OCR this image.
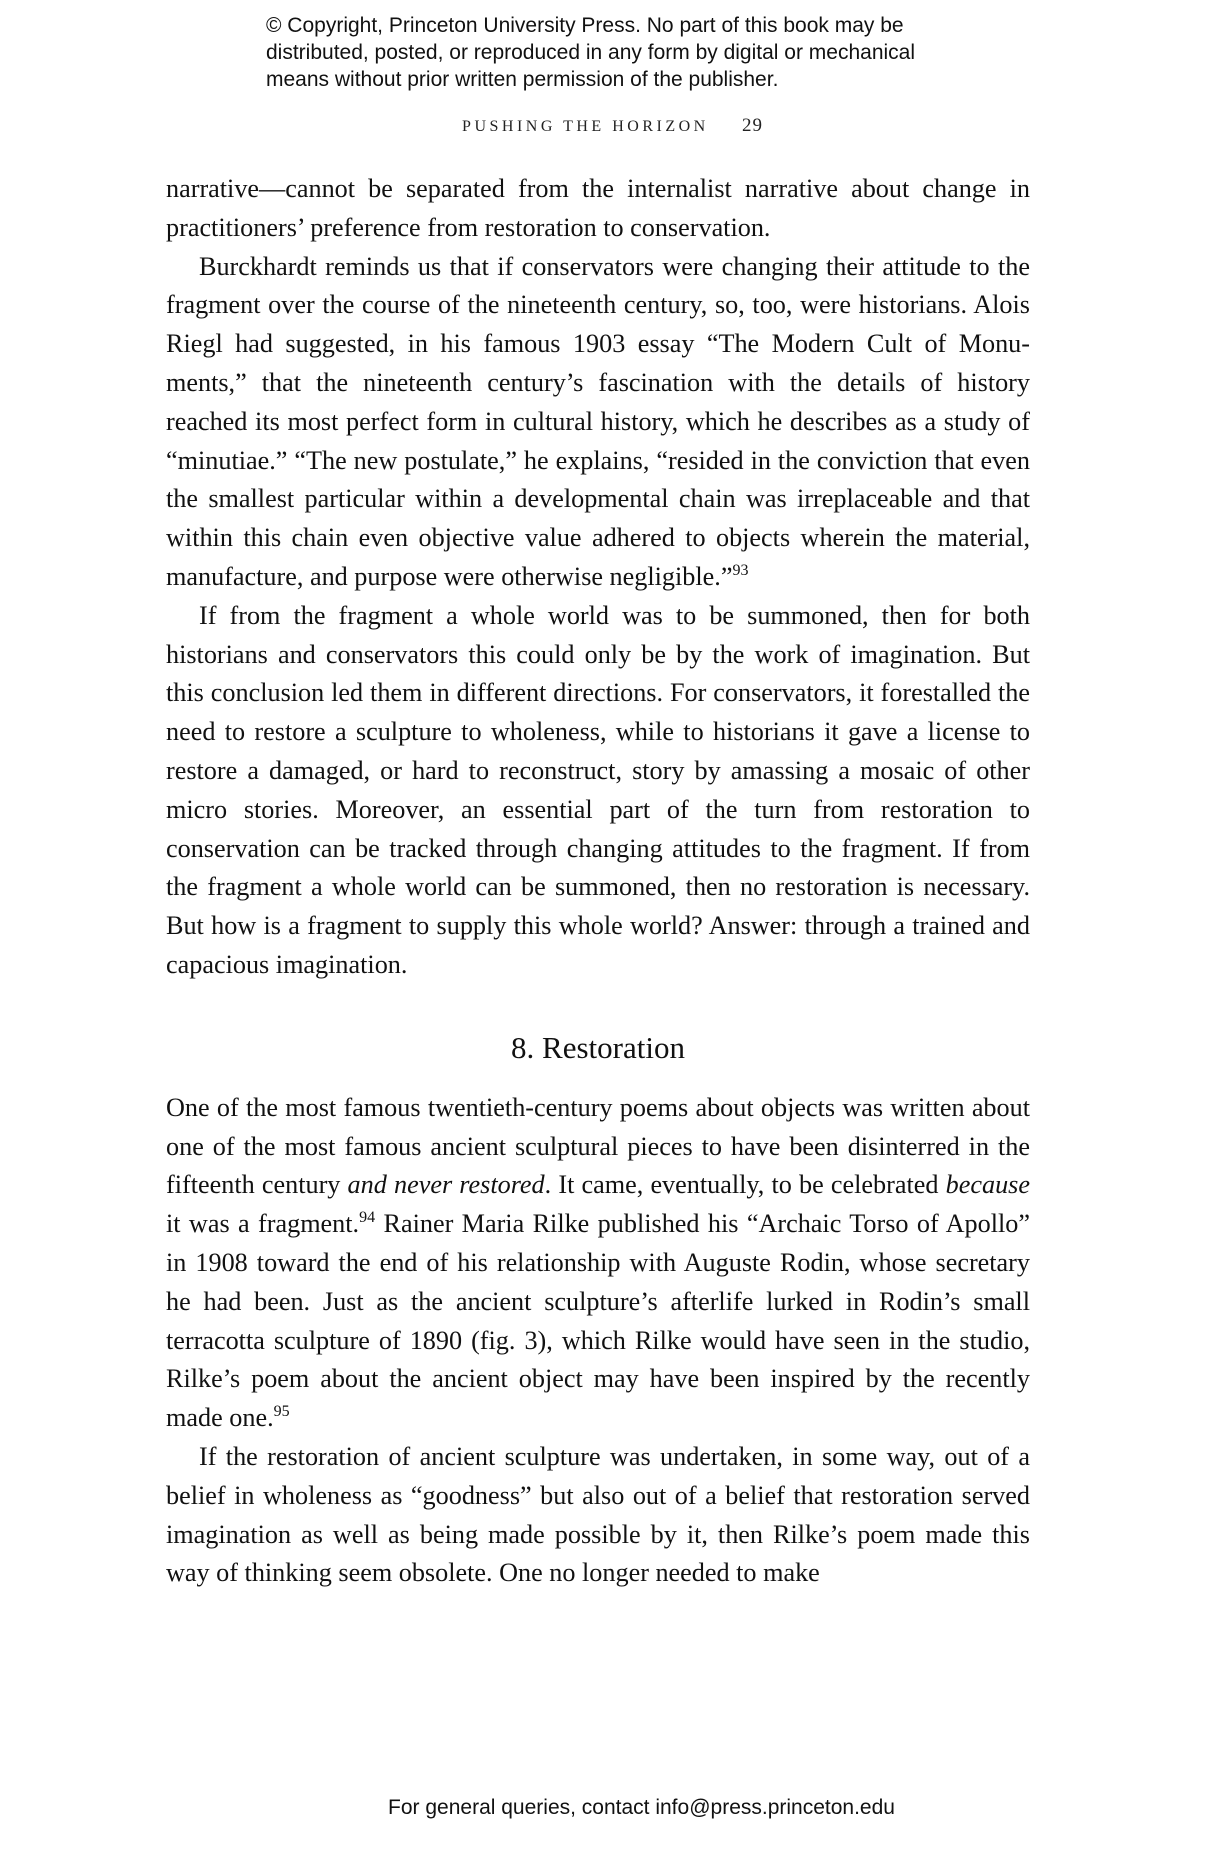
© Copyright, Princeton University Press. No part of this book may be
distributed, posted, or reproduced in any form by digital or mechanical
means without prior written permission of the publisher.
PUSHING THE HORIZON 29

narrative—cannot be separated from the internalist narrative about change in practitioners’ preference from restoration to conservation.

Burckhardt reminds us that if conservators were changing their attitude to the fragment over the course of the nineteenth century, so, too, were historians. Alois Riegl had suggested, in his famous 1903 essay “The Modern Cult of Monuments,” that the nineteenth century’s fascination with the details of history reached its most perfect form in cultural history, which he describes as a study of “minutiae.” “The new postulate,” he explains, “resided in the conviction that even the smallest particular within a developmental chain was irreplaceable and that within this chain even objective value adhered to objects wherein the material, manufacture, and purpose were otherwise negligible.”$^{93}$

If from the fragment a whole world was to be summoned, then for both historians and conservators this could only be by the work of imagination. But this conclusion led them in different directions. For conservators, it forestalled the need to restore a sculpture to wholeness, while to historians it gave a license to restore a damaged, or hard to reconstruct, story by amassing a mosaic of other micro stories. Moreover, an essential part of the turn from restoration to conservation can be tracked through changing attitudes to the fragment. If from the fragment a whole world can be summoned, then no restoration is necessary. But how is a fragment to supply this whole world? Answer: through a trained and capacious imagination.

8. Restoration

One of the most famous twentieth-century poems about objects was written about one of the most famous ancient sculptural pieces to have been disinterred in the fifteenth century and never restored. It came, eventually, to be celebrated because it was a fragment.$^{94}$ Rainer Maria Rilke published his “Archaic Torso of Apollo” in 1908 toward the end of his relationship with Auguste Rodin, whose secretary he had been. Just as the ancient sculpture’s afterlife lurked in Rodin’s small terracotta sculpture of 1890 (fig. 3), which Rilke would have seen in the studio, Rilke’s poem about the ancient object may have been inspired by the recently made one.$^{95}$

If the restoration of ancient sculpture was undertaken, in some way, out of a belief in wholeness as “goodness” but also out of a belief that restoration served imagination as well as being made possible by it, then Rilke’s poem made this way of thinking seem obsolete. One no longer needed to make

For general queries, contact info@press.princeton.edu
